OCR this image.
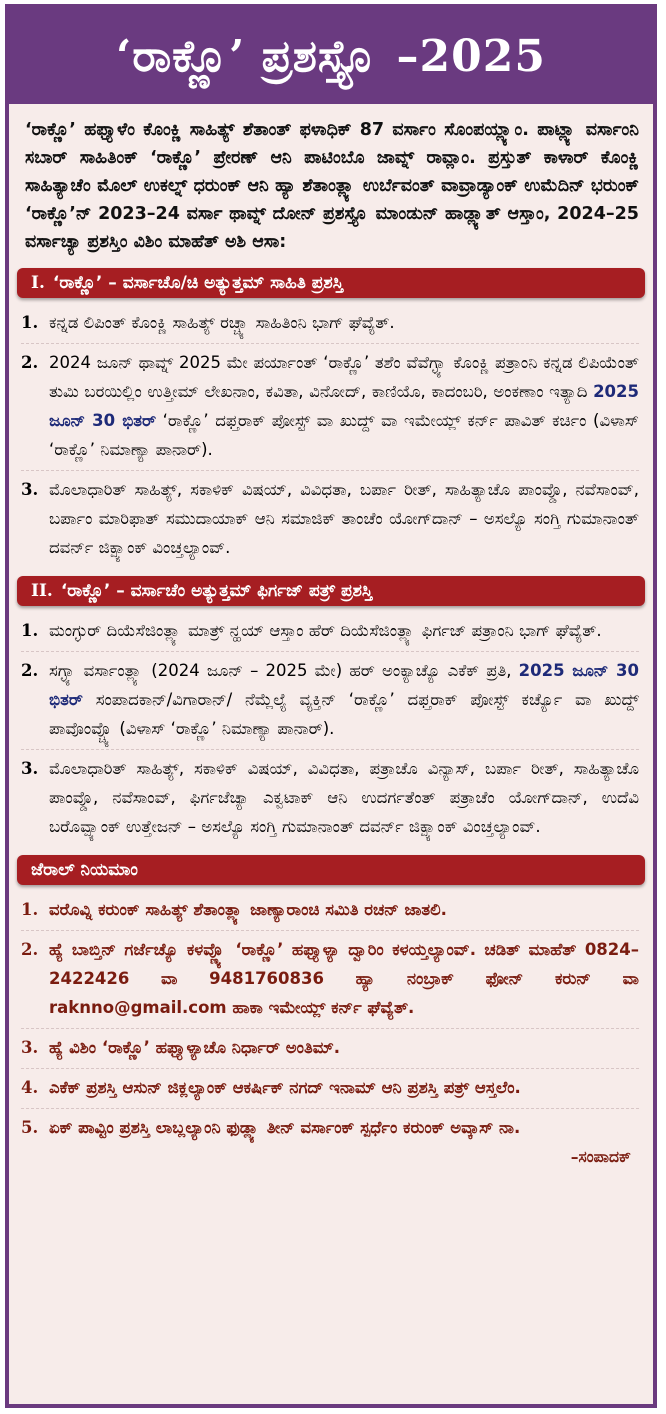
‘ರಾಕ್ಣೊ’ ಪ್ರಶಸ್ತ್ಯೊ –2025
‘ರಾಕ್ಣೊ’ ಹಫ್ತ್ಯಾಳೆಂ ಕೊಂಕ್ಣಿ ಸಾಹಿತ್ಯ್ ಶೆತಾಂತ್ ಫಳಾಧಿಕ್ 87 ವರ್ಸಾಂ ಸೊಂಪಯ್ಲ್ಯಾಂ. ಪಾಟ್ಲ್ಯಾ ವರ್ಸಾಂನಿ ಸಬಾರ್ ಸಾಹಿತಿಂಕ್ ‘ರಾಕ್ಣೊ’ ಪ್ರೇರಣ್ ಆನಿ ಪಾಟಿಂಬೊ ಜಾವ್ನ್ ರಾವ್ಲಾಂ. ಪ್ರಸ್ತುತ್ ಕಾಳಾರ್ ಕೊಂಕ್ಣಿ ಸಾಹಿತ್ಯಾಚೆಂ ಮೊಲ್ ಉಕಲ್ನ್ ಧರುಂಕ್ ಆನಿ ಹ್ಯಾ ಶೆತಾಂತ್ಲ್ಯಾ ಉರ್ಬೆವಂತ್ ವಾವ್ರಾಡ್ಯಾಂಕ್ ಉಮೆದಿನ್ ಭರುಂಕ್ ‘ರಾಕ್ಣೊ’ನ್ 2023–24 ವರ್ಸಾ ಥಾವ್ನ್ ದೋನ್ ಪ್ರಶಸ್ತ್ಯೊ ಮಾಂಡುನ್ ಹಾಡ್ಲ್ಯಾತ್ ಆಸ್ತಾಂ, 2024–25 ವರ್ಸಾಚ್ಯಾ ಪ್ರಶಸ್ತಿಂ ವಿಶಿಂ ಮಾಹೆತ್ ಅಶಿ ಆಸಾ:
I. ‘ರಾಕ್ಣೊ’ – ವರ್ಸಾಚೊ/ಚಿ ಅತ್ಯುತ್ತಮ್ ಸಾಹಿತಿ ಪ್ರಶಸ್ತಿ
1. ಕನ್ನಡ ಲಿಪಿಂತ್ ಕೊಂಕ್ಣಿ ಸಾಹಿತ್ಯ್ ರಚ್ಚ್ಯಾ ಸಾಹಿತಿಂನಿ ಭಾಗ್ ಘೆವ್ಯೆತ್.
2. 2024 ಜೂನ್ ಥಾವ್ನ್ 2025 ಮೇ ಪರ್ಯಾಂತ್ ‘ರಾಕ್ಣೊ’ ತಶೆಂ ವೆವೆಗ್ಳ್ಯಾ ಕೊಂಕ್ಣಿ ಪತ್ರಾಂನಿ ಕನ್ನಡ ಲಿಪಿಯೆಂತ್ ತುಮಿ ಬರಯಿಲ್ಲಿಂ ಉತ್ತೀಮ್ ಲೇಖನಾಂ, ಕವಿತಾ, ವಿನೋದ್, ಕಾಣಿಯೊ, ಕಾದಂಬರಿ, ಅಂಕಣಾಂ ಇತ್ಯಾದಿ 2025 ಜೂನ್ 30 ಭಿತರ್ ‘ರಾಕ್ಣೊ’ ದಫ್ತರಾಕ್ ಪೋಸ್ಟ್ ವಾ ಖುದ್ದ್ ವಾ ಇಮೇಯ್ಲ್ ಕರ್ನ್ ಪಾವಿತ್ ಕರ್ಚಿಂ (ವಿಳಾಸ್ ‘ರಾಕ್ಣೊ’ ನಿಮಾಣ್ಯಾ ಪಾನಾರ್).
3. ಮೊಲಾಧಾರಿತ್ ಸಾಹಿತ್ಯ್, ಸಕಾಳಿಕ್ ವಿಷಯ್, ವಿವಿಧತಾ, ಬರ್ಪಾ ರೀತ್, ಸಾಹಿತ್ಯಾಚೊ ಪಾಂವ್ಡೊ, ನವೆಸಾಂವ್, ಬರ್ಪಾಂ ಮಾರಿಫಾತ್ ಸಮುದಾಯಾಕ್ ಆನಿ ಸಮಾಜಿಕ್ ತಾಂಚೆಂ ಯೋಗ್‌ದಾನ್ – ಅಸಲ್ಯೊ ಸಂಗ್ತಿ ಗುಮಾನಾಂತ್ ದವರ್ನ್ ಜಿಕ್ಪ್ಯಾಂಕ್ ವಿಂಚ್ತಲ್ಯಾಂವ್.
II. ‘ರಾಕ್ಣೊ’ – ವರ್ಸಾಚೆಂ ಅತ್ಯುತ್ತಮ್ ಫಿರ್ಗಜ್ ಪತ್ರ್ ಪ್ರಶಸ್ತಿ
1. ಮಂಗ್ಳುರ್ ದಿಯೆಸೆಜಿಂತ್ಲ್ಯಾ ಮಾತ್ರ್ ನ್ಹಯ್ ಆಸ್ತಾಂ ಹೆರ್ ದಿಯೆಸೆಜಿಂತ್ಲ್ಯಾ ಫಿರ್ಗಜ್ ಪತ್ರಾಂನಿ ಭಾಗ್ ಘೆವ್ಯೆತ್.
2. ಸಗ್ಳ್ಯಾ ವರ್ಸಾಂತ್ಲ್ಯಾ (2024 ಜೂನ್ – 2025 ಮೇ) ಹರ್ ಅಂಕ್ಯಾಚ್ಯೊ ಎಕೆಕ್ ಪ್ರತಿ, 2025 ಜೂನ್ 30 ಭಿತರ್ ಸಂಪಾದಕಾನ್/ವಿಗಾರಾನ್/ ನೆಮ್ಲೆಲ್ಯೆ ವ್ಯಕ್ತಿನ್ ‘ರಾಕ್ಣೊ’ ದಫ್ತರಾಕ್ ಪೋಸ್ಟ್ ಕರ್ಚ್ಯೊ ವಾ ಖುದ್ದ್ ಪಾವೊಂವ್ಚ್ಯೊ (ವಿಳಾಸ್ ‘ರಾಕ್ಣೊ’ ನಿಮಾಣ್ಯಾ ಪಾನಾರ್).
3. ಮೊಲಾಧಾರಿತ್ ಸಾಹಿತ್ಯ್, ಸಕಾಳಿಕ್ ವಿಷಯ್, ವಿವಿಧತಾ, ಪತ್ರಾಚೊ ವಿನ್ಯಾಸ್, ಬರ್ಪಾ ರೀತ್, ಸಾಹಿತ್ಯಾಚೊ ಪಾಂವ್ಡೊ, ನವೆಸಾಂವ್, ಫಿರ್ಗಜೆಚ್ಯಾ ಎಕ್ವಟಾಕ್ ಆನಿ ಉದರ್ಗತೆಂತ್ ಪತ್ರಾಚೆಂ ಯೋಗ್‌ದಾನ್, ಉದೆವಿ ಬರೊವ್ಪ್ಯಾಂಕ್ ಉತ್ತೇಜನ್ – ಅಸಲ್ಯೊ ಸಂಗ್ತಿ ಗುಮಾನಾಂತ್ ದವರ್ನ್ ಜಿಕ್ಪ್ಯಾಂಕ್ ವಿಂಚ್ತಲ್ಯಾಂವ್.
ಜೆರಾಲ್ ನಿಯಮಾಂ
1. ವರೊವ್ನಿ ಕರುಂಕ್ ಸಾಹಿತ್ಯ್ ಶೆತಾಂತ್ಲ್ಯಾ ಜಾಣ್ಯಾರಾಂಚಿ ಸಮಿತಿ ರಚನ್ ಜಾತಲಿ.
2. ಹ್ಯೆ ಬಾಬ್ತಿನ್ ಗರ್ಜೆಚ್ಯೊ ಕಳವ್ಣ್ಯೊ ‘ರಾಕ್ಣೊ’ ಹಫ್ತ್ಯಾಳ್ಯಾ ದ್ವಾರಿಂ ಕಳಯ್ತಲ್ಯಾಂವ್. ಚಡಿತ್ ಮಾಹೆತ್ 0824–2422426 ವಾ 9481760836 ಹ್ಯಾ ನಂಬ್ರಾಕ್ ಫೋನ್ ಕರುನ್ ವಾ raknno@gmail.com ಹಾಕಾ ಇಮೇಯ್ಲ್ ಕರ್ನ್ ಘೆವ್ಯೆತ್.
3. ಹ್ಯೆ ವಿಶಿಂ ‘ರಾಕ್ಣೊ’ ಹಫ್ತ್ಯಾಳ್ಯಾಚೊ ನಿರ್ಧಾರ್ ಅಂತಿಮ್.
4. ಎಕೆಕ್ ಪ್ರಶಸ್ತಿ ಆಸುನ್ ಜಿಕ್ಲಲ್ಯಾಂಕ್ ಆಕರ್ಷಿಕ್ ನಗದ್ ಇನಾಮ್ ಆನಿ ಪ್ರಶಸ್ತಿ ಪತ್ರ್ ಆಸ್ತಲೆಂ.
5. ಏಕ್ ಪಾವ್ಟಿಂ ಪ್ರಶಸ್ತಿ ಲಾಬ್ಲಲ್ಯಾಂನಿ ಫುಡ್ಲ್ಯಾ ತೀನ್ ವರ್ಸಾಂಕ್ ಸ್ಪರ್ಧೆಂ ಕರುಂಕ್ ಅವ್ಕಾಸ್ ನಾ.
–ಸಂಪಾದಕ್
